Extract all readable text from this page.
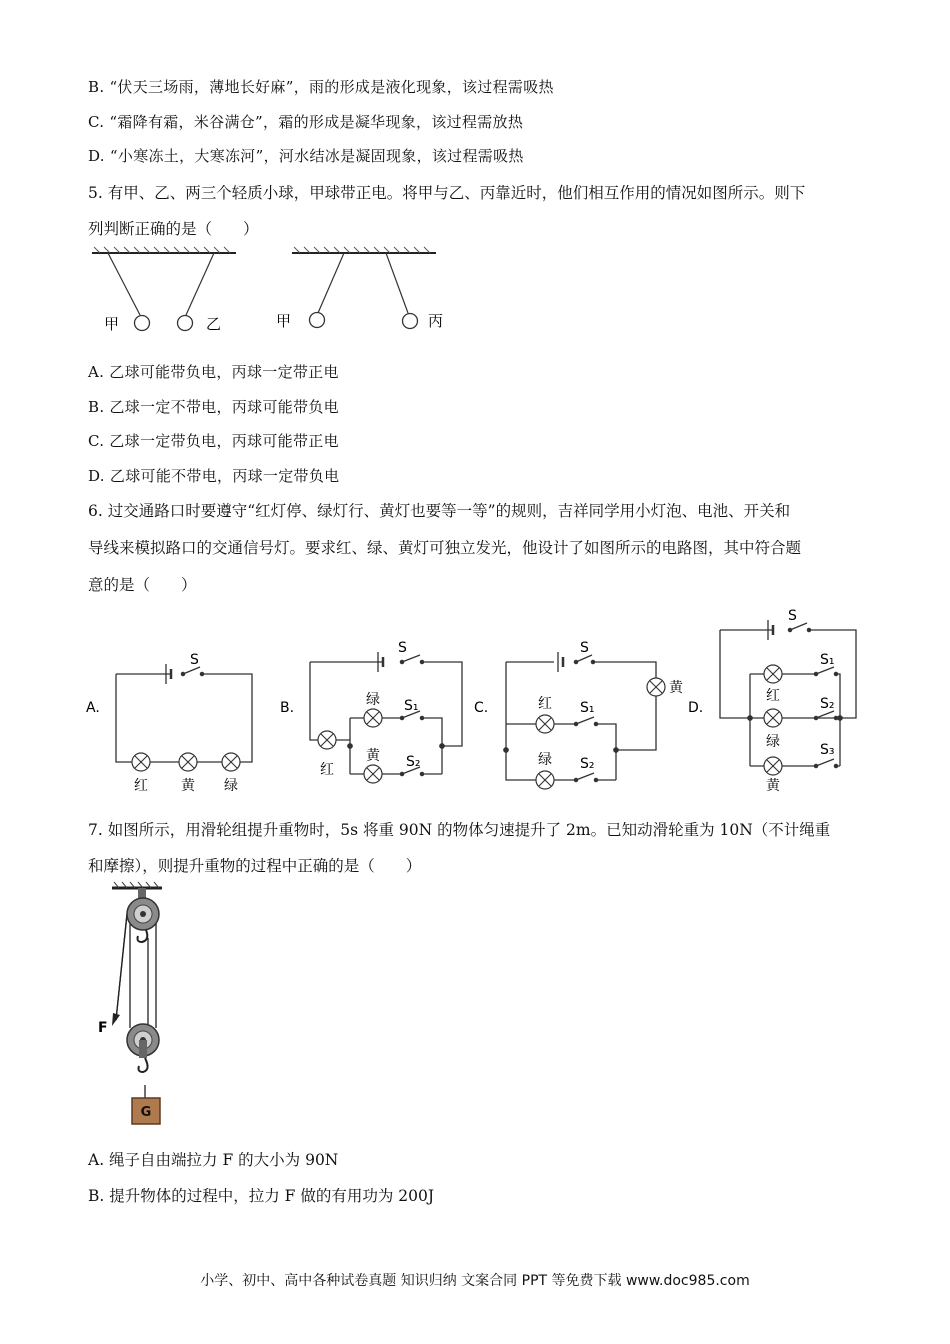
B. “伏天三场雨，薄地长好麻”，雨的形成是液化现象，该过程需吸热
C. “霜降有霜，米谷满仓”，霜的形成是凝华现象，该过程需放热
D. “小寒冻土，大寒冻河”，河水结冰是凝固现象，该过程需吸热
5. 有甲、乙、两三个轻质小球，甲球带正电。将甲与乙、丙靠近时，他们相互作用的情况如图所示。则下
列判断正确的是（　　）
甲	乙	甲	丙
A. 乙球可能带负电，丙球一定带正电
B. 乙球一定不带电，丙球可能带负电
C. 乙球一定带负电，丙球可能带正电
D. 乙球可能不带电，丙球一定带负电
6. 过交通路口时要遵守“红灯停、绿灯行、黄灯也要等一等”的规则，吉祥同学用小灯泡、电池、开关和
导线来模拟路口的交通信号灯。要求红、绿、黄灯可独立发光，他设计了如图所示的电路图，其中符合题
意的是（　　）
A.	B.	C.	D.
S
红 黄 绿
S
绿 S₁
黄 S₂
红
S
红 S₁
绿 S₂
黄
S
S₁
红	S₂
绿	S₃
黄
7. 如图所示，用滑轮组提升重物时，5s 将重 90N 的物体匀速提升了 2m。已知动滑轮重为 10N（不计绳重
和摩擦），则提升重物的过程中正确的是（　　）
G
F
A. 绳子自由端拉力 F 的大小为 90N
B. 提升物体的过程中，拉力 F 做的有用功为 200J
小学、初中、高中各种试卷真题 知识归纳 文案合同 PPT 等免费下载 www.doc985.com
